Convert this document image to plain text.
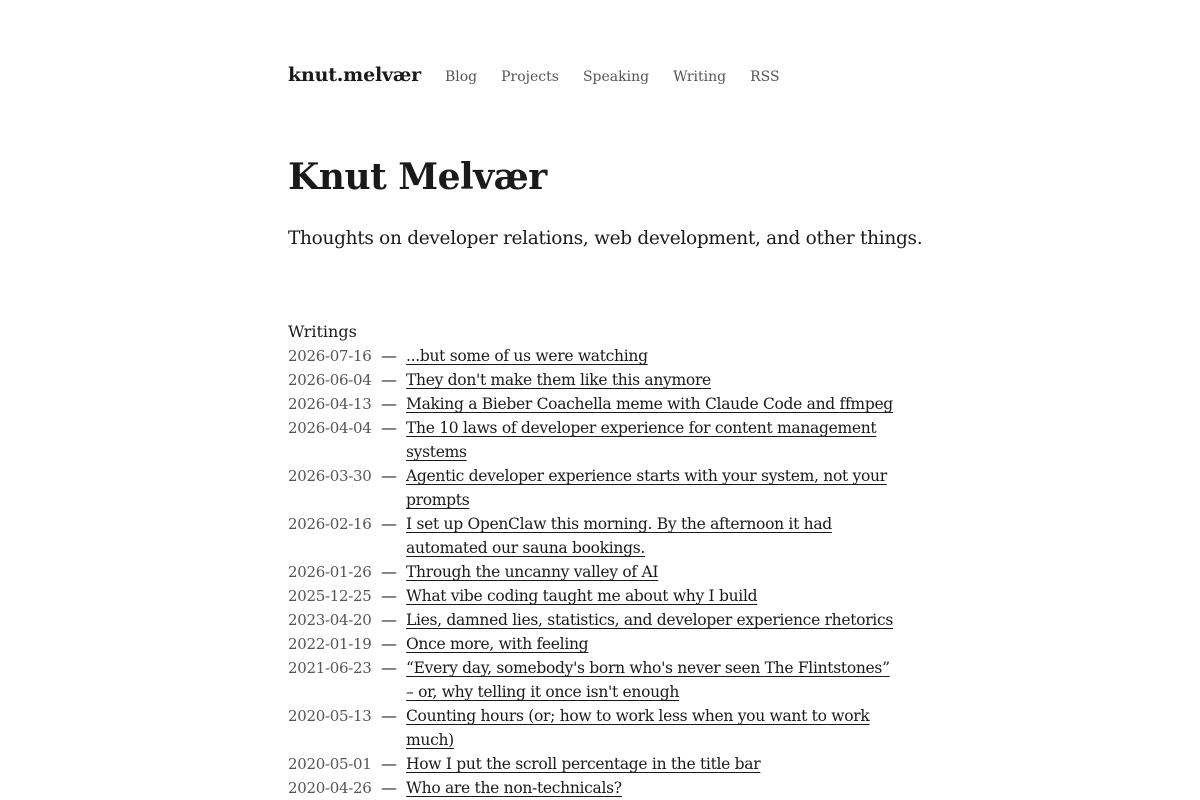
knut.melvær Blog Projects Speaking Writing RSS
Knut Melvær

Thoughts on developer relations, web development, and other things.

Writings
2026-07-16 — ...but some of us were watching
2026-06-04 — They don't make them like this anymore
2026-04-13 — Making a Bieber Coachella meme with Claude Code and ffmpeg
2026-04-04 — The 10 laws of developer experience for content management systems
2026-03-30 — Agentic developer experience starts with your system, not your prompts
2026-02-16 — I set up OpenClaw this morning. By the afternoon it had automated our sauna bookings.
2026-01-26 — Through the uncanny valley of AI
2025-12-25 — What vibe coding taught me about why I build
2023-04-20 — Lies, damned lies, statistics, and developer experience rhetorics
2022-01-19 — Once more, with feeling
2021-06-23 — “Every day, somebody's born who's never seen The Flintstones” – or, why telling it once isn't enough
2020-05-13 — Counting hours (or; how to work less when you want to work much)
2020-05-01 — How I put the scroll percentage in the title bar
2020-04-26 — Who are the non-technicals?
